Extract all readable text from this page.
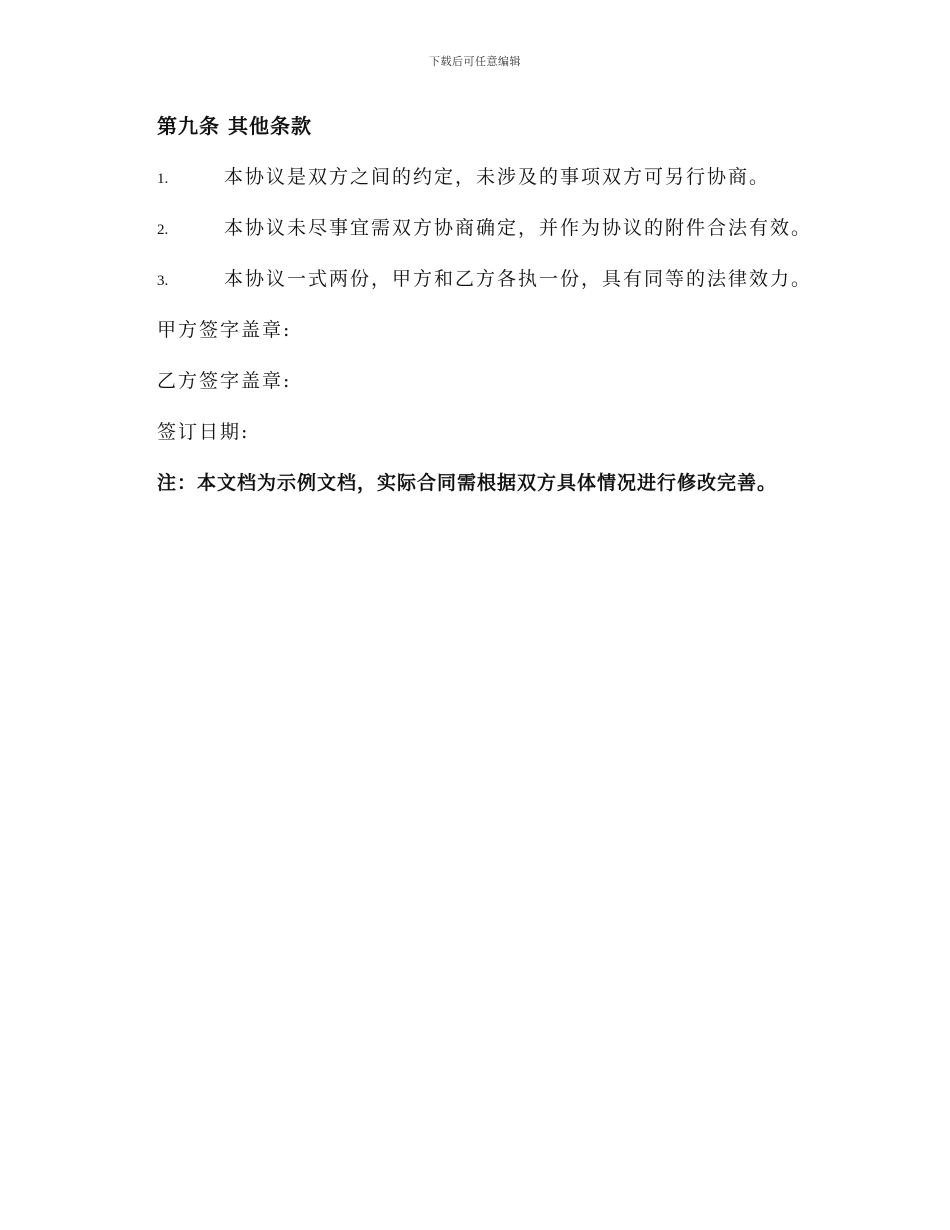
下载后可任意编辑
第九条 其他条款
1.	本协议是双方之间的约定，未涉及的事项双方可另行协商。
2.	本协议未尽事宜需双方协商确定，并作为协议的附件合法有效。
3.	本协议一式两份，甲方和乙方各执一份，具有同等的法律效力。
甲方签字盖章:
乙方签字盖章:
签订日期:
注：本文档为示例文档，实际合同需根据双方具体情况进行修改完善。
